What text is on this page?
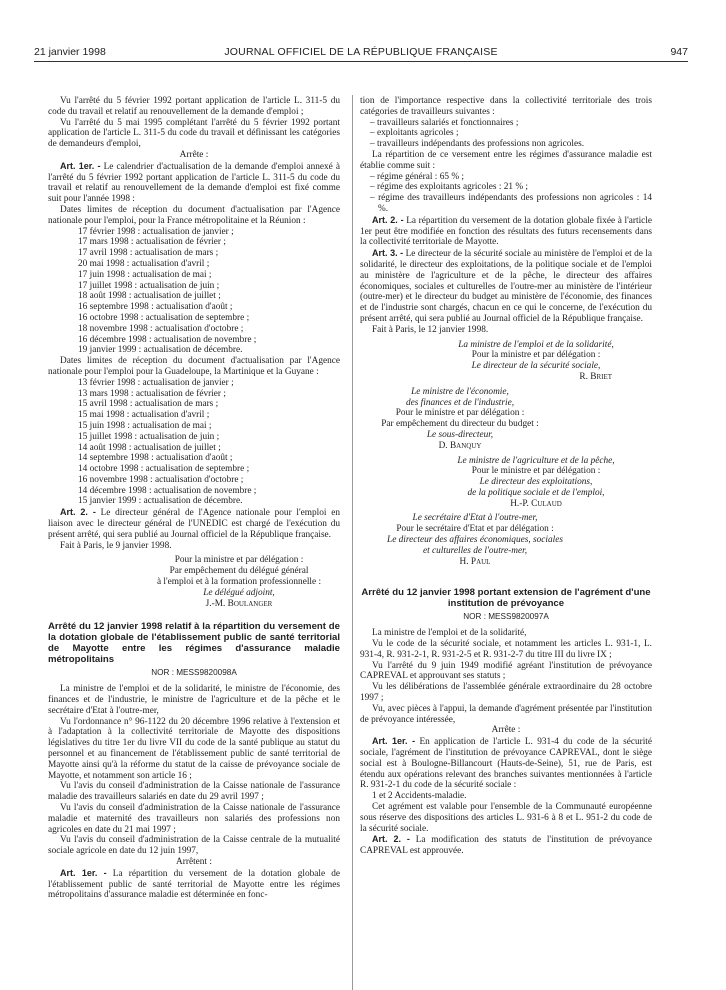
21 janvier 1998	JOURNAL OFFICIEL DE LA RÉPUBLIQUE FRANÇAISE	947

Vu l'arrêté du 5 février 1992 portant application de l'article L. 311-5 du code du travail et relatif au renouvellement de la demande d'emploi ;

Vu l'arrêté du 5 mai 1995 complétant l'arrêté du 5 février 1992 portant application de l'article L. 311-5 du code du travail et définissant les catégories de demandeurs d'emploi,

Arrête :

Art. 1er. - Le calendrier d'actualisation de la demande d'emploi annexé à l'arrêté du 5 février 1992 portant application de l'article L. 311-5 du code du travail et relatif au renouvellement de la demande d'emploi est fixé comme suit pour l'année 1998 :

Dates limites de réception du document d'actualisation par l'Agence nationale pour l'emploi, pour la France métropolitaine et la Réunion :

17 février 1998 : actualisation de janvier ;

17 mars 1998 : actualisation de février ;

17 avril 1998 : actualisation de mars ;

20 mai 1998 : actualisation d'avril ;

17 juin 1998 : actualisation de mai ;

17 juillet 1998 : actualisation de juin ;

18 août 1998 : actualisation de juillet ;

16 septembre 1998 : actualisation d'août ;

16 octobre 1998 : actualisation de septembre ;

18 novembre 1998 : actualisation d'octobre ;

16 décembre 1998 : actualisation de novembre ;

19 janvier 1999 : actualisation de décembre.

Dates limites de réception du document d'actualisation par l'Agence nationale pour l'emploi pour la Guadeloupe, la Martinique et la Guyane :

13 février 1998 : actualisation de janvier ;

13 mars 1998 : actualisation de février ;

15 avril 1998 : actualisation de mars ;

15 mai 1998 : actualisation d'avril ;

15 juin 1998 : actualisation de mai ;

15 juillet 1998 : actualisation de juin ;

14 août 1998 : actualisation de juillet ;

14 septembre 1998 : actualisation d'août ;

14 octobre 1998 : actualisation de septembre ;

16 novembre 1998 : actualisation d'octobre ;

14 décembre 1998 : actualisation de novembre ;

15 janvier 1999 : actualisation de décembre.

Art. 2. - Le directeur général de l'Agence nationale pour l'emploi en liaison avec le directeur général de l'UNEDIC est chargé de l'exécution du présent arrêté, qui sera publié au Journal officiel de la République française.

Fait à Paris, le 9 janvier 1998.

Pour la ministre et par délégation :

Par empêchement du délégué général

à l'emploi et à la formation professionnelle :

Le délégué adjoint,

J.-M. Boulanger

Arrêté du 12 janvier 1998 relatif à la répartition du versement de la dotation globale de l'établissement public de santé territorial de Mayotte entre les régimes d'assurance maladie métropolitains

NOR : MESS9820098A

La ministre de l'emploi et de la solidarité, le ministre de l'économie, des finances et de l'industrie, le ministre de l'agriculture et de la pêche et le secrétaire d'Etat à l'outre-mer,

Vu l'ordonnance n° 96-1122 du 20 décembre 1996 relative à l'extension et à l'adaptation à la collectivité territoriale de Mayotte des dispositions législatives du titre 1er du livre VII du code de la santé publique au statut du personnel et au financement de l'établissement public de santé territorial de Mayotte ainsi qu'à la réforme du statut de la caisse de prévoyance sociale de Mayotte, et notamment son article 16 ;

Vu l'avis du conseil d'administration de la Caisse nationale de l'assurance maladie des travailleurs salariés en date du 29 avril 1997 ;

Vu l'avis du conseil d'administration de la Caisse nationale de l'assurance maladie et maternité des travailleurs non salariés des professions non agricoles en date du 21 mai 1997 ;

Vu l'avis du conseil d'administration de la Caisse centrale de la mutualité sociale agricole en date du 12 juin 1997,

Arrêtent :

Art. 1er. - La répartition du versement de la dotation globale de l'établissement public de santé territorial de Mayotte entre les régimes métropolitains d'assurance maladie est déterminée en fonc-

tion de l'importance respective dans la collectivité territoriale des trois catégories de travailleurs suivantes :

– travailleurs salariés et fonctionnaires ;

– exploitants agricoles ;

– travailleurs indépendants des professions non agricoles.

La répartition de ce versement entre les régimes d'assurance maladie est établie comme suit :

– régime général : 65 % ;

– régime des exploitants agricoles : 21 % ;

– régime des travailleurs indépendants des professions non agricoles : 14 %.

Art. 2. - La répartition du versement de la dotation globale fixée à l'article 1er peut être modifiée en fonction des résultats des futurs recensements dans la collectivité territoriale de Mayotte.

Art. 3. - Le directeur de la sécurité sociale au ministère de l'emploi et de la solidarité, le directeur des exploitations, de la politique sociale et de l'emploi au ministère de l'agriculture et de la pêche, le directeur des affaires économiques, sociales et culturelles de l'outre-mer au ministère de l'intérieur (outre-mer) et le directeur du budget au ministère de l'économie, des finances et de l'industrie sont chargés, chacun en ce qui le concerne, de l'exécution du présent arrêté, qui sera publié au Journal officiel de la République française.

Fait à Paris, le 12 janvier 1998.

La ministre de l'emploi et de la solidarité,

Pour la ministre et par délégation :

Le directeur de la sécurité sociale,

R. Briet

Le ministre de l'économie,

des finances et de l'industrie,

Pour le ministre et par délégation :

Par empêchement du directeur du budget :

Le sous-directeur,

D. Banquy

Le ministre de l'agriculture et de la pêche,

Pour le ministre et par délégation :

Le directeur des exploitations,

de la politique sociale et de l'emploi,

H.-P. Culaud

Le secrétaire d'Etat à l'outre-mer,

Pour le secrétaire d'Etat et par délégation :

Le directeur des affaires économiques, sociales

et culturelles de l'outre-mer,

H. Paul

Arrêté du 12 janvier 1998 portant extension de l'agrément d'une institution de prévoyance

NOR : MESS9820097A

La ministre de l'emploi et de la solidarité,

Vu le code de la sécurité sociale, et notamment les articles L. 931-1, L. 931-4, R. 931-2-1, R. 931-2-5 et R. 931-2-7 du titre III du livre IX ;

Vu l'arrêté du 9 juin 1949 modifié agréant l'institution de prévoyance CAPREVAL et approuvant ses statuts ;

Vu les délibérations de l'assemblée générale extraordinaire du 28 octobre 1997 ;

Vu, avec pièces à l'appui, la demande d'agrément présentée par l'institution de prévoyance intéressée,

Arrête :

Art. 1er. - En application de l'article L. 931-4 du code de la sécurité sociale, l'agrément de l'institution de prévoyance CAPREVAL, dont le siège social est à Boulogne-Billancourt (Hauts-de-Seine), 51, rue de Paris, est étendu aux opérations relevant des branches suivantes mentionnées à l'article R. 931-2-1 du code de la sécurité sociale :

1 et 2 Accidents-maladie.

Cet agrément est valable pour l'ensemble de la Communauté européenne sous réserve des dispositions des articles L. 931-6 à 8 et L. 951-2 du code de la sécurité sociale.

Art. 2. - La modification des statuts de l'institution de prévoyance CAPREVAL est approuvée.
